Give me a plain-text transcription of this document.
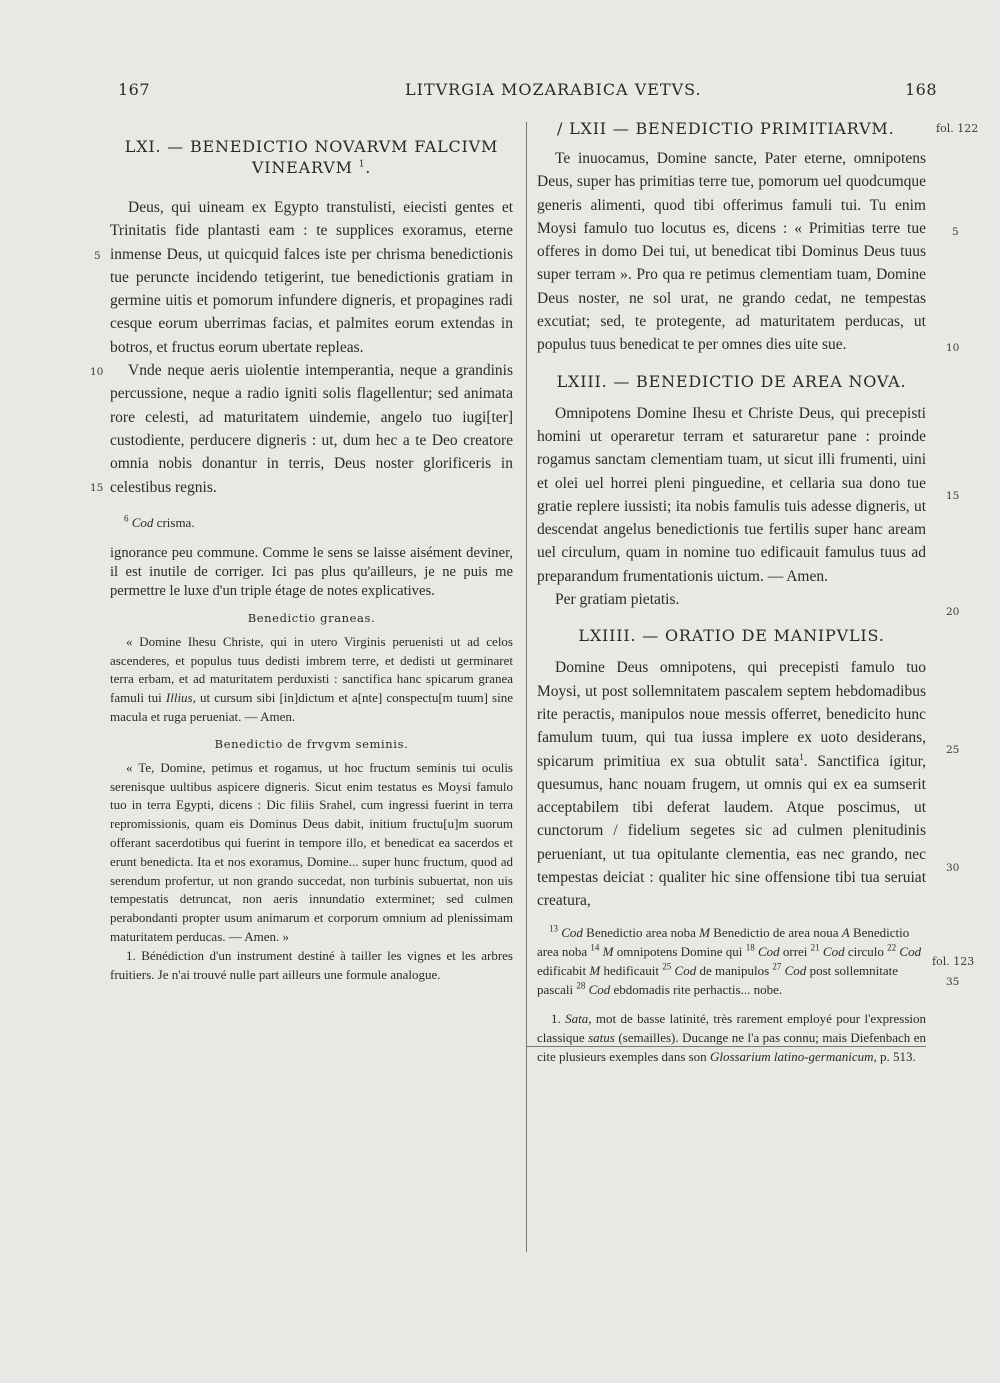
167	LITVRGIA MOZARABICA VETVS.	168
LXI. — BENEDICTIO NOVARVM FALCIVM
VINEARVM $^1$.

Deus, qui uineam ex Egypto transtulisti, eiecisti gentes et Trinitatis fide plantasti eam : te supplices exoramus, eterne inmense Deus, ut quicquid falces iste per chrisma benedictionis tue peruncte incidendo tetigerint, tue benedictionis gratiam in germine uitis et pomorum infundere digneris, et propagines radi cesque eorum uberrimas facias, et palmites eorum extendas in botros, et fructus eorum ubertate repleas.

Vnde neque aeris uiolentie intemperantia, neque a grandinis percussione, neque a radio igniti solis flagellentur; sed animata rore celesti, ad maturitatem uindemie, angelo tuo iugi[ter] custodiente, perducere digneris : ut, dum hec a te Deo creatore omnia nobis donantur in terris, Deus noster glorificeris in celestibus regnis.

$^6$ Cod crisma.

ignorance peu commune. Comme le sens se laisse aisément deviner, il est inutile de corriger. Ici pas plus qu'ailleurs, je ne puis me permettre le luxe d'un triple étage de notes explicatives.

Benedictio graneas.

« Domine Ihesu Christe, qui in utero Virginis peruenisti ut ad celos ascenderes, et populus tuus dedisti imbrem terre, et dedisti ut germinaret terra erbam, et ad maturitatem perduxisti : sanctifica hanc spicarum granea famuli tui Illius, ut cursum sibi [in]dictum et a[nte] conspectu[m tuum] sine macula et ruga perueniat. — Amen.

Benedictio de frvgvm seminis.

« Te, Domine, petimus et rogamus, ut hoc fructum seminis tui oculis serenisque uultibus aspicere digneris. Sicut enim testatus es Moysi famulo tuo in terra Egypti, dicens : Dic filiis Srahel, cum ingressi fuerint in terra repromissionis, quam eis Dominus Deus dabit, initium fructu[u]m suorum offerant sacerdotibus qui fuerint in tempore illo, et benedicat ea sacerdos et erunt benedicta. Ita et nos exoramus, Domine... super hunc fructum, quod ad serendum profertur, ut non grando succedat, non turbinis subuertat, non uis tempestatis detruncat, non aeris innundatio exterminet; sed culmen perabondanti propter usum animarum et corporum omnium ad plenissimam maturitatem perducas. — Amen. »

1. Bénédiction d'un instrument destiné à tailler les vignes et les arbres fruitiers. Je n'ai trouvé nulle part ailleurs une formule analogue.

5
10
15
/ LXII — BENEDICTIO PRIMITIARVM.

Te inuocamus, Domine sancte, Pater eterne, omnipotens Deus, super has primitias terre tue, pomorum uel quodcumque generis alimenti, quod tibi offerimus famuli tui. Tu enim Moysi famulo tuo locutus es, dicens : « Primitias terre tue offeres in domo Dei tui, ut benedicat tibi Dominus Deus tuus super terram ». Pro qua re petimus clementiam tuam, Domine Deus noster, ne sol urat, ne grando cedat, ne tempestas excutiat; sed, te protegente, ad maturitatem perducas, ut populus tuus benedicat te per omnes dies uite sue.

LXIII. — BENEDICTIO DE AREA NOVA.

Omnipotens Domine Ihesu et Christe Deus, qui precepisti homini ut operaretur terram et saturaretur pane : proinde rogamus sanctam clementiam tuam, ut sicut illi frumenti, uini et olei uel horrei pleni pinguedine, et cellaria sua dono tue gratie replere iussisti; ita nobis famulis tuis adesse digneris, ut descendat angelus benedictionis tue fertilis super hanc aream uel circulum, quam in nomine tuo edificauit famulus tuus ad preparandum frumentationis uictum. — Amen.

Per gratiam pietatis.

LXIIII. — ORATIO DE MANIPVLIS.

Domine Deus omnipotens, qui precepisti famulo tuo Moysi, ut post sollemnitatem pascalem septem hebdomadibus rite peractis, manipulos noue messis offerret, benedicito hunc famulum tuum, qui tua iussa implere ex uoto desiderans, spicarum primitiua ex sua obtulit sata$^1$. Sanctifica igitur, quesumus, hanc nouam frugem, ut omnis qui ex ea sumserit acceptabilem tibi deferat laudem. Atque poscimus, ut cunctorum / fidelium segetes sic ad culmen plenitudinis perueniant, ut tua opitulante clementia, eas nec grando, nec tempestas deiciat : qualiter hic sine offensione tibi tua seruiat creatura,

$^{13}$ Cod Benedictio area noba M Benedictio de area noua A Benedictio area noba $^{14}$ M omnipotens Domine qui $^{18}$ Cod orrei $^{21}$ Cod circulo $^{22}$ Cod edificabit M hedificauit $^{25}$ Cod de manipulos $^{27}$ Cod post sollemnitate pascali $^{28}$ Cod ebdomadis rite perhactis... nobe.

1. Sata, mot de basse latinité, très rarement employé pour l'expression classique satus (semailles). Ducange ne l'a pas connu; mais Diefenbach en cite plusieurs exemples dans son Glossarium latino-germanicum, p. 513.

fol. 122
5
10
15
20
25
30
fol. 123
35
